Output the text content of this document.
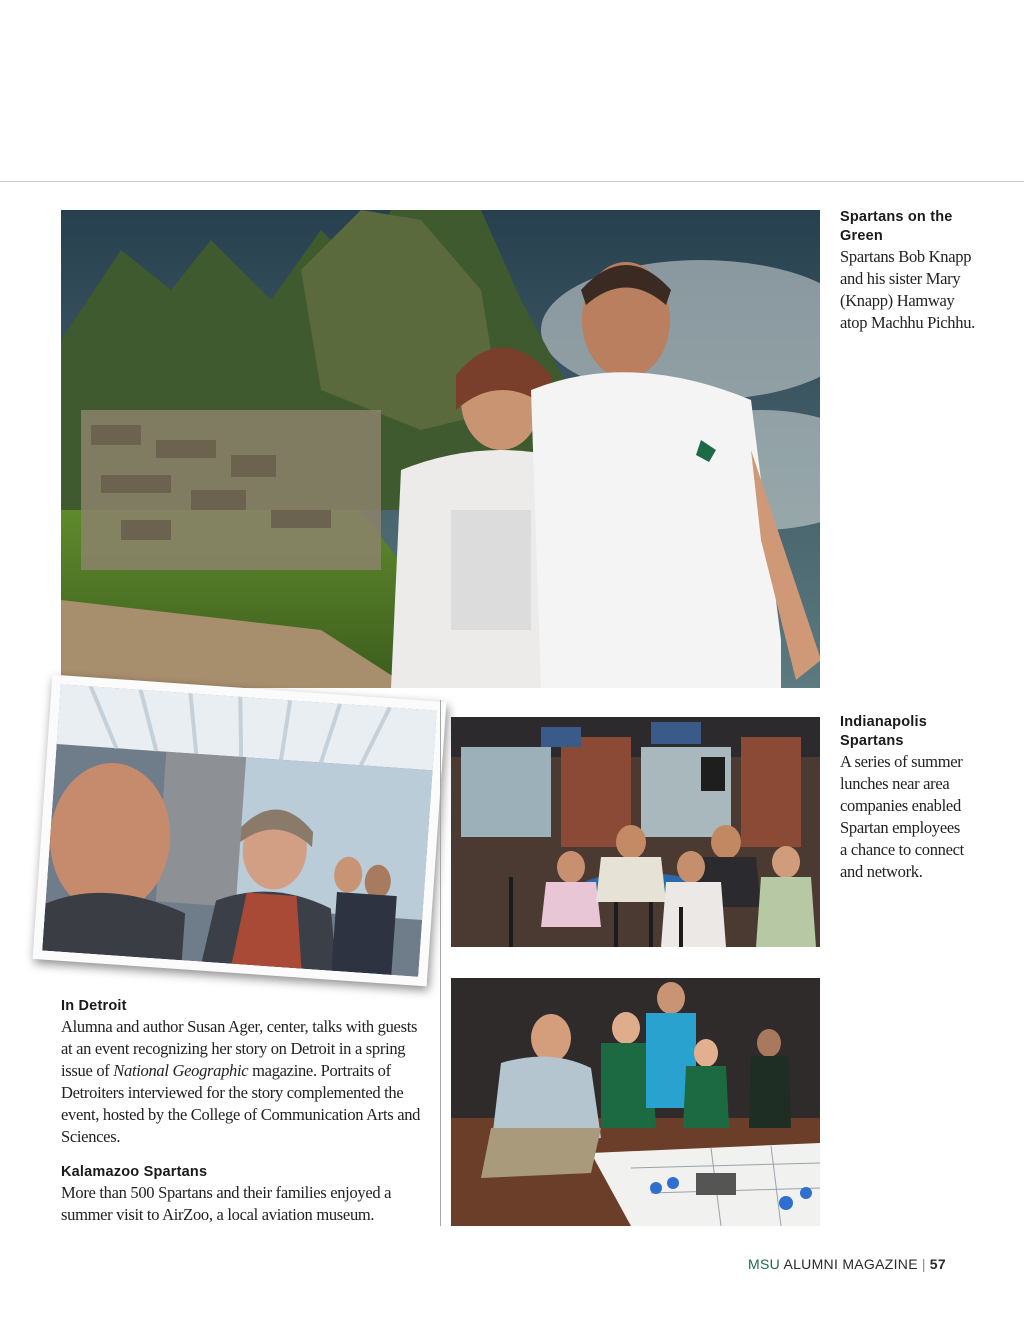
Spartans on the Green
Spartans Bob Knapp and his sister Mary (Knapp) Hamway atop Machhu Pichhu.
Indianapolis Spartans
A series of summer lunches near area companies enabled Spartan employees a chance to connect and network.
In Detroit
Alumna and author Susan Ager, center, talks with guests at an event recognizing her story on Detroit in a spring issue of National Geographic magazine. Portraits of Detroiters interviewed for the story complemented the event, hosted by the College of Communication Arts and Sciences.
Kalamazoo Spartans
More than 500 Spartans and their families enjoyed a summer visit to AirZoo, a local aviation museum.
MSU ALUMNI MAGAZINE | 57
